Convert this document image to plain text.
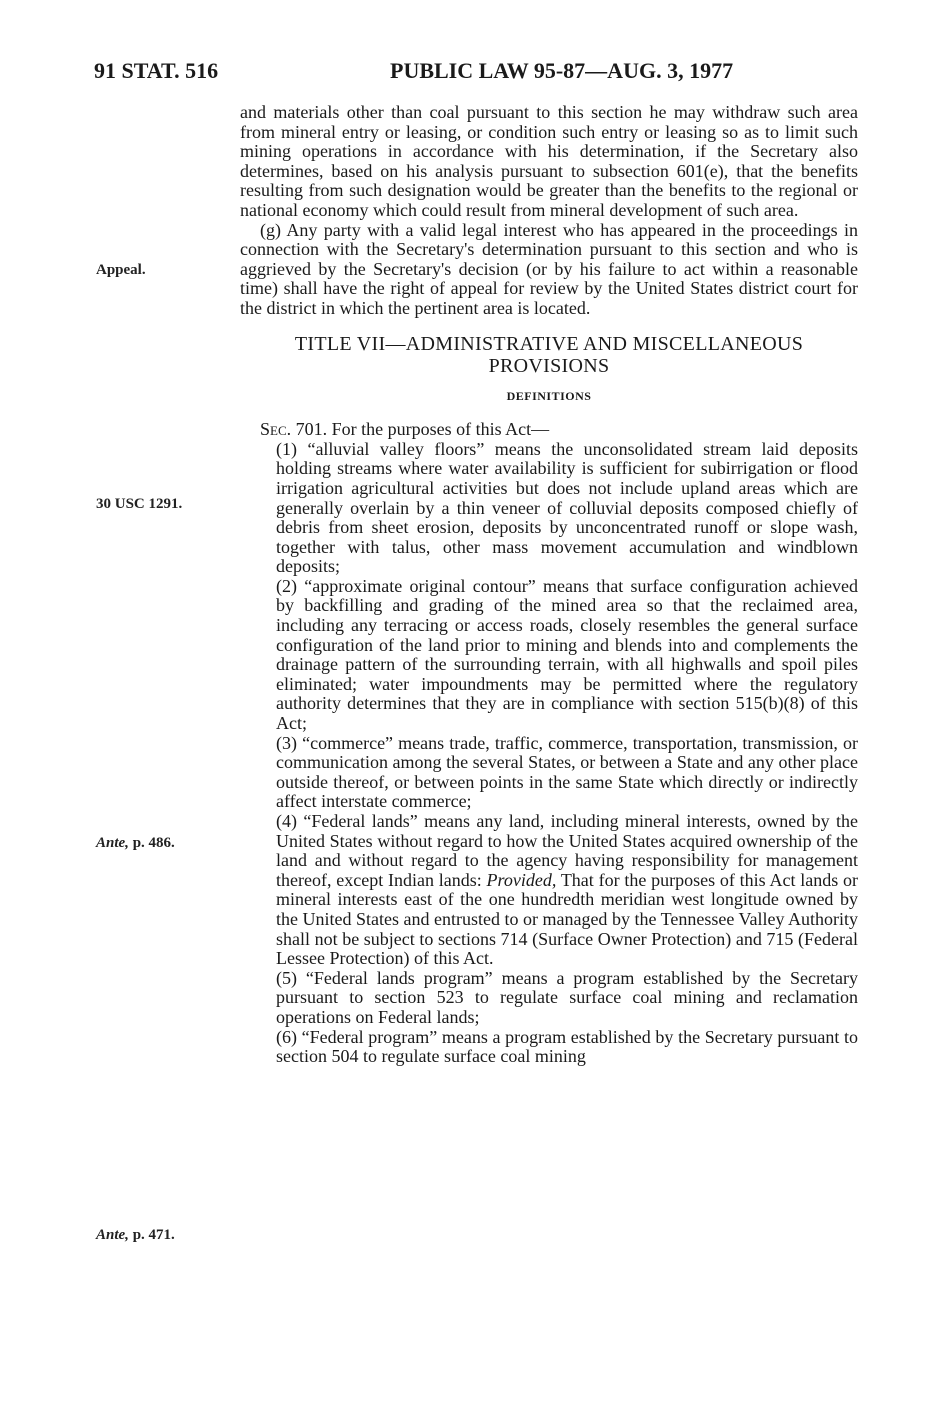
91 STAT. 516	PUBLIC LAW 95-87—AUG. 3, 1977
Appeal.
30 USC 1291.
Ante, p. 486.
Ante, p. 471.

and materials other than coal pursuant to this section he may withdraw such area from mineral entry or leasing, or condition such entry or leasing so as to limit such mining operations in accordance with his determination, if the Secretary also determines, based on his analysis pursuant to subsection 601(e), that the benefits resulting from such designation would be greater than the benefits to the regional or national economy which could result from mineral development of such area.

(g) Any party with a valid legal interest who has appeared in the proceedings in connection with the Secretary's determination pursuant to this section and who is aggrieved by the Secretary's decision (or by his failure to act within a reasonable time) shall have the right of appeal for review by the United States district court for the district in which the pertinent area is located.

TITLE VII—ADMINISTRATIVE AND MISCELLANEOUS PROVISIONS
DEFINITIONS

Sec. 701. For the purposes of this Act—

(1) “alluvial valley floors” means the unconsolidated stream laid deposits holding streams where water availability is sufficient for subirrigation or flood irrigation agricultural activities but does not include upland areas which are generally overlain by a thin veneer of colluvial deposits composed chiefly of debris from sheet erosion, deposits by unconcentrated runoff or slope wash, together with talus, other mass movement accumulation and windblown deposits;

(2) “approximate original contour” means that surface configuration achieved by backfilling and grading of the mined area so that the reclaimed area, including any terracing or access roads, closely resembles the general surface configuration of the land prior to mining and blends into and complements the drainage pattern of the surrounding terrain, with all highwalls and spoil piles eliminated; water impoundments may be permitted where the regulatory authority determines that they are in compliance with section 515(b)(8) of this Act;

(3) “commerce” means trade, traffic, commerce, transportation, transmission, or communication among the several States, or between a State and any other place outside thereof, or between points in the same State which directly or indirectly affect interstate commerce;

(4) “Federal lands” means any land, including mineral interests, owned by the United States without regard to how the United States acquired ownership of the land and without regard to the agency having responsibility for management thereof, except Indian lands: Provided, That for the purposes of this Act lands or mineral interests east of the one hundredth meridian west longitude owned by the United States and entrusted to or managed by the Tennessee Valley Authority shall not be subject to sections 714 (Surface Owner Protection) and 715 (Federal Lessee Protection) of this Act.

(5) “Federal lands program” means a program established by the Secretary pursuant to section 523 to regulate surface coal mining and reclamation operations on Federal lands;

(6) “Federal program” means a program established by the Secretary pursuant to section 504 to regulate surface coal mining
